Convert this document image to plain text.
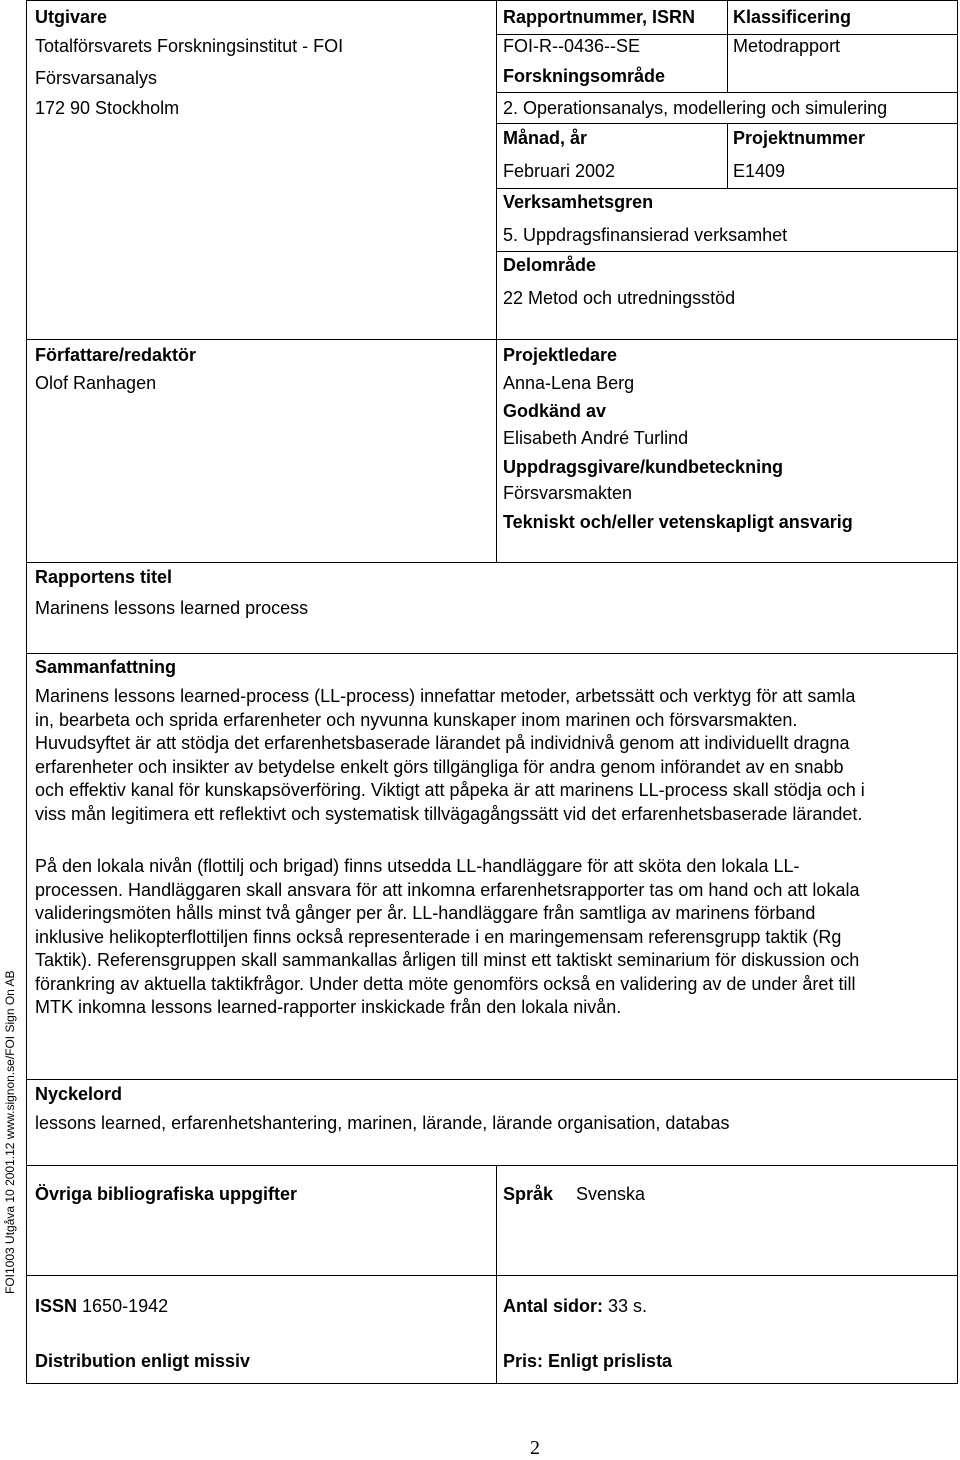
Utgivare
Totalförsvarets Forskningsinstitut - FOI
Försvarsanalys
172 90 Stockholm
Rapportnummer, ISRN
FOI-R--0436--SE
Klassificering
Metodrapport
Forskningsområde
2. Operationsanalys, modellering och simulering
Månad, år
Februari 2002
Projektnummer
E1409
Verksamhetsgren
5. Uppdragsfinansierad verksamhet
Delområde
22 Metod och utredningsstöd
Författare/redaktör
Olof Ranhagen
Projektledare
Anna-Lena Berg
Godkänd av
Elisabeth André Turlind
Uppdragsgivare/kundbeteckning
Försvarsmakten
Tekniskt och/eller vetenskapligt ansvarig
Rapportens titel
Marinens lessons learned process
Sammanfattning
Marinens lessons learned-process (LL-process) innefattar metoder, arbetssätt och verktyg för att samla
in, bearbeta och sprida erfarenheter och nyvunna kunskaper inom marinen och försvarsmakten.
Huvudsyftet är att stödja det erfarenhetsbaserade lärandet på individnivå genom att individuellt dragna
erfarenheter och insikter av betydelse enkelt görs tillgängliga för andra genom införandet av en snabb
och effektiv kanal för kunskapsöverföring. Viktigt att påpeka är att marinens LL-process skall stödja och i
viss mån legitimera ett reflektivt och systematisk tillvägagångssätt vid det erfarenhetsbaserade lärandet.
På den lokala nivån (flottilj och brigad) finns utsedda LL-handläggare för att sköta den lokala LL-
processen. Handläggaren skall ansvara för att inkomna erfarenhetsrapporter tas om hand och att lokala
valideringsmöten hålls minst två gånger per år. LL-handläggare från samtliga av marinens förband
inklusive helikopterflottiljen finns också representerade i en maringemensam referensgrupp taktik (Rg
Taktik). Referensgruppen skall sammankallas årligen till minst ett taktiskt seminarium för diskussion och
förankring av aktuella taktikfrågor. Under detta möte genomförs också en validering av de under året till
MTK inkomna lessons learned-rapporter inskickade från den lokala nivån.
Nyckelord
lessons learned, erfarenhetshantering, marinen, lärande, lärande organisation, databas
Övriga bibliografiska uppgifter	Språk Svenska
ISSN 1650-1942	Antal sidor: 33 s.
Distribution enligt missiv	Pris: Enligt prislista
FOI1003 Utgåva 10 2001.12 www.signon.se/FOI Sign On AB
2
